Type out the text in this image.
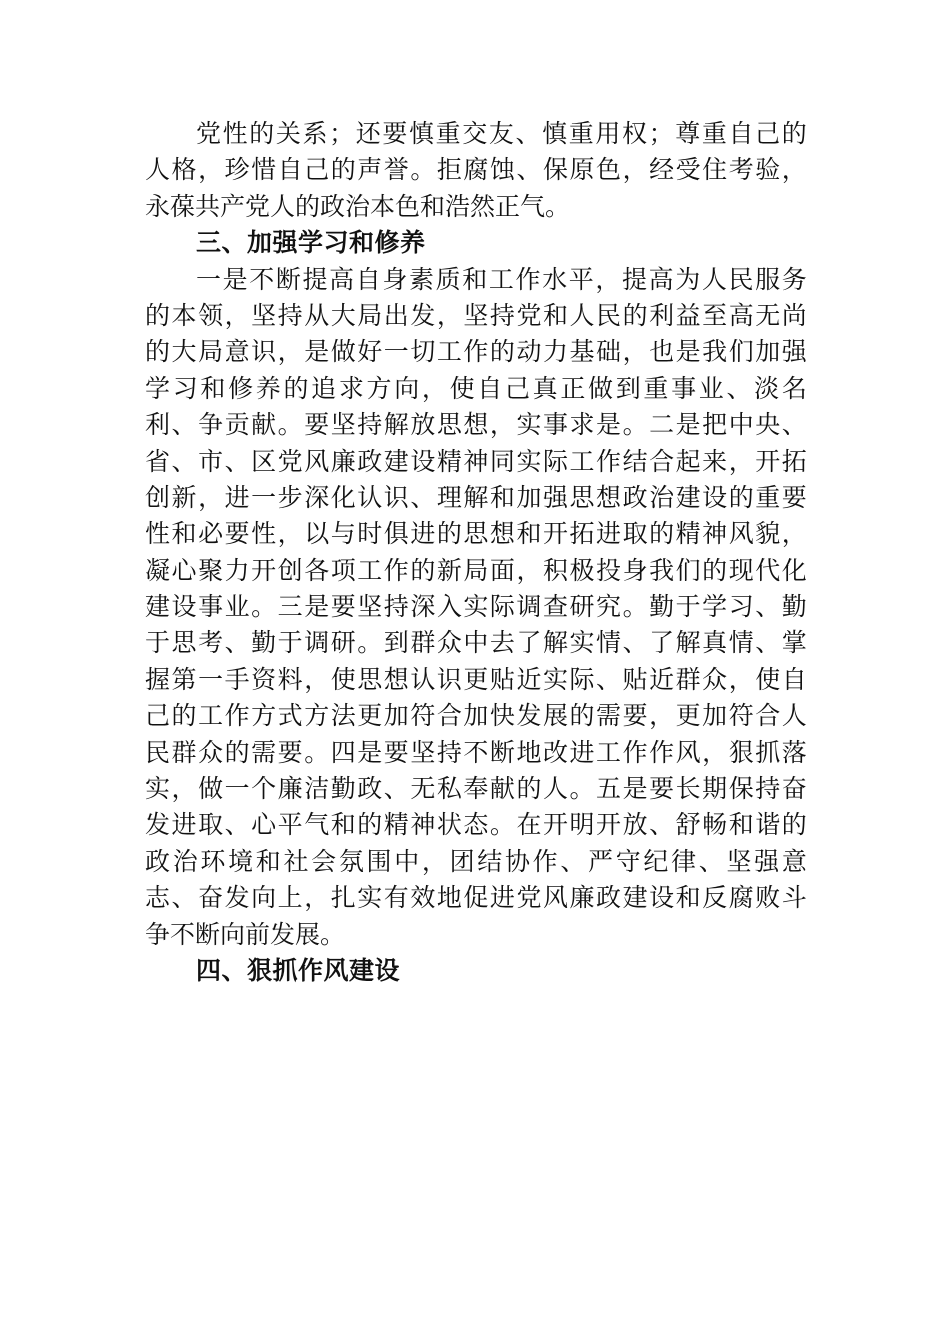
党 性 的 关 系 ； 还 要 慎 重 交 友 、 慎 重 用 权 ； 尊 重 自 己 的
人 格 ， 珍 惜 自 己 的 声 誉 。 拒 腐 蚀 、 保 原 色 ， 经 受 住 考 验 ，
永葆共产党人的政治本色和浩然正气。
三、加强学习和修养
一 是 不 断 提 高 自 身 素 质 和 工 作 水 平 ， 提 高 为 人 民 服 务
的 本 领 ， 坚 持 从 大 局 出 发 ， 坚 持 党 和 人 民 的 利 益 至 高 无 尚
的 大 局 意 识 ， 是 做 好 一 切 工 作 的 动 力 基 础 ， 也 是 我 们 加 强
学 习 和 修 养 的 追 求 方 向 ， 使 自 己 真 正 做 到 重 事 业 、 淡 名
利 、 争 贡 献 。 要 坚 持 解 放 思 想 ， 实 事 求 是 。 二 是 把 中 央 、
省 、 市 、 区 党 风 廉 政 建 设 精 神 同 实 际 工 作 结 合 起 来 ， 开 拓
创 新 ， 进 一 步 深 化 认 识 、 理 解 和 加 强 思 想 政 治 建 设 的 重 要
性 和 必 要 性 ， 以 与 时 俱 进 的 思 想 和 开 拓 进 取 的 精 神 风 貌 ，
凝 心 聚 力 开 创 各 项 工 作 的 新 局 面 ， 积 极 投 身 我 们 的 现 代 化
建 设 事 业 。 三 是 要 坚 持 深 入 实 际 调 查 研 究 。 勤 于 学 习 、 勤
于 思 考 、 勤 于 调 研 。 到 群 众 中 去 了 解 实 情 、 了 解 真 情 、 掌
握 第 一 手 资 料 ， 使 思 想 认 识 更 贴 近 实 际 、 贴 近 群 众 ， 使 自
己 的 工 作 方 式 方 法 更 加 符 合 加 快 发 展 的 需 要 ， 更 加 符 合 人
民 群 众 的 需 要 。 四 是 要 坚 持 不 断 地 改 进 工 作 作 风 ， 狠 抓 落
实 ， 做 一 个 廉 洁 勤 政 、 无 私 奉 献 的 人 。 五 是 要 长 期 保 持 奋
发 进 取 、 心 平 气 和 的 精 神 状 态 。 在 开 明 开 放 、 舒 畅 和 谐 的
政 治 环 境 和 社 会 氛 围 中 ， 团 结 协 作 、 严 守 纪 律 、 坚 强 意
志 、 奋 发 向 上 ， 扎 实 有 效 地 促 进 党 风 廉 政 建 设 和 反 腐 败 斗
争不断向前发展。
四、狠抓作风建设
